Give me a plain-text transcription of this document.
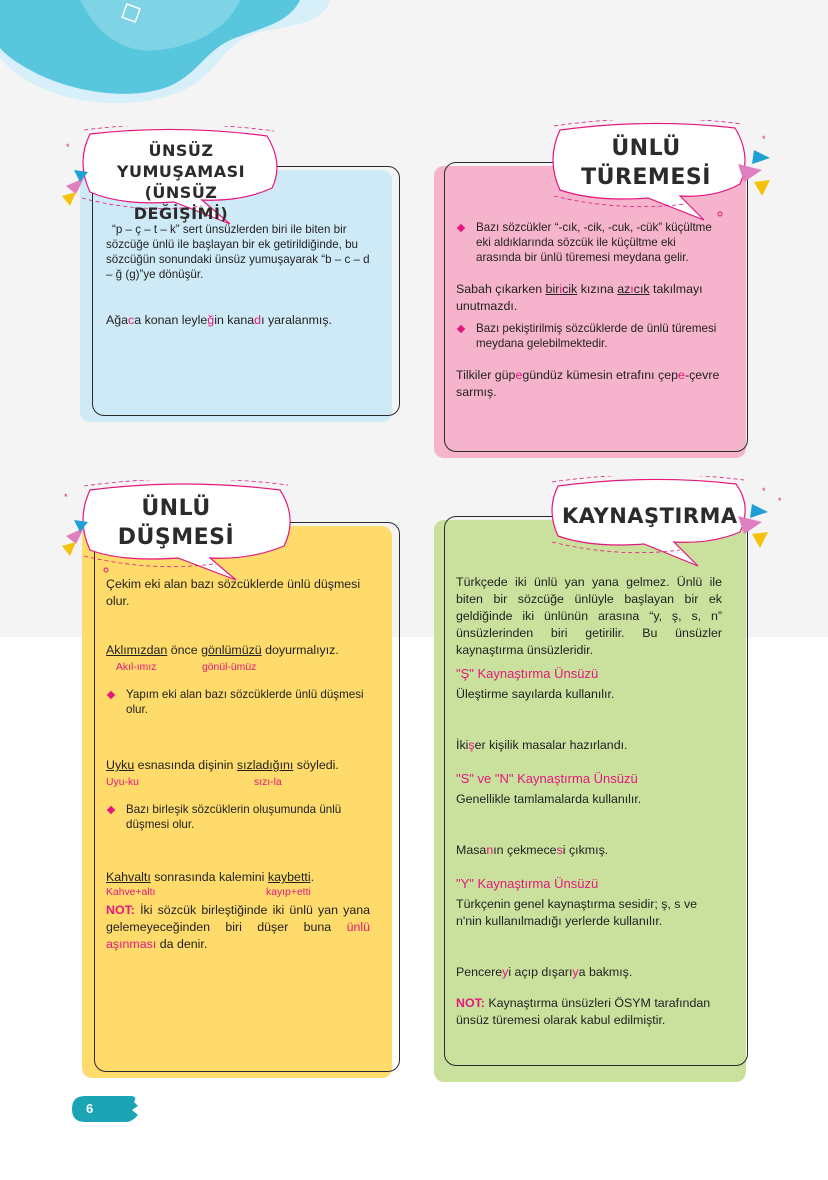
*	ÜNSÜZ YUMUŞAMASI
(ÜNSÜZ DEĞİŞİMİ)

“p – ç – t – k” sert ünsüzlerden biri ile biten bir sözcüğe ünlü ile başlayan bir ek getirildiğinde, bu sözcüğün sonundaki ünsüz yumuşayarak “b – c – d – ğ (g)”ye dönüşür.

Ağaca konan leyleğin kanadı yaralanmış.

*
ÜNLÜ
TÜREMESİ

Bazı sözcükler “-cık, -cik, -cuk, -cük” küçültme eki aldıklarında sözcük ile küçültme eki arasında bir ünlü türemesi meydana gelir.

Sabah çıkarken biricik kızına azıcık takılmayı unutmazdı.

Bazı pekiştirilmiş sözcüklerde de ünlü türemesi meydana gelebilmektedir.

Tilkiler güpegündüz kümesin etrafını çepe-çevre sarmış.

*	ÜNLÜ
DÜŞMESİ

Çekim eki alan bazı sözcüklerde ünlü düşmesi olur.

Aklımızdan önce gönlümüzü doyurmalıyız.

Akıl-ımız	gönül-ümüz

Yapım eki alan bazı sözcüklerde ünlü düşmesi olur.

Uyku esnasında dişinin sızladığını söyledi.

Uyu-ku	sızı-la

Bazı birleşik sözcüklerin oluşumunda ünlü düşmesi olur.

Kahvaltı sonrasında kalemini kaybetti.

Kahve+altı	kayıp+etti

NOT: İki sözcük birleştiğinde iki ünlü yan yana gelemeyeceğinden biri düşer buna ünlü aşınması da denir.

*
*
KAYNAŞTIRMA

Türkçede iki ünlü yan yana gelmez. Ünlü ile biten bir sözcüğe ünlüyle başlayan bir ek geldiğinde iki ünlünün arasına “y, ş, s, n” ünsüzlerinden biri getirilir. Bu ünsüzler kaynaştırma ünsüzleridir.

"Ş" Kaynaştırma Ünsüzü

Üleştirme sayılarda kullanılır.

İkişer kişilik masalar hazırlandı.

"S" ve "N" Kaynaştırma Ünsüzü

Genellikle tamlamalarda kullanılır.

Masanın çekmecesi çıkmış.

"Y" Kaynaştırma Ünsüzü

Türkçenin genel kaynaştırma sesidir; ş, s ve n'nin kullanılmadığı yerlerde kullanılır.

Pencereyi açıp dışarıya bakmış.

NOT: Kaynaştırma ünsüzleri ÖSYM tarafından ünsüz türemesi olarak kabul edilmiştir.

6
